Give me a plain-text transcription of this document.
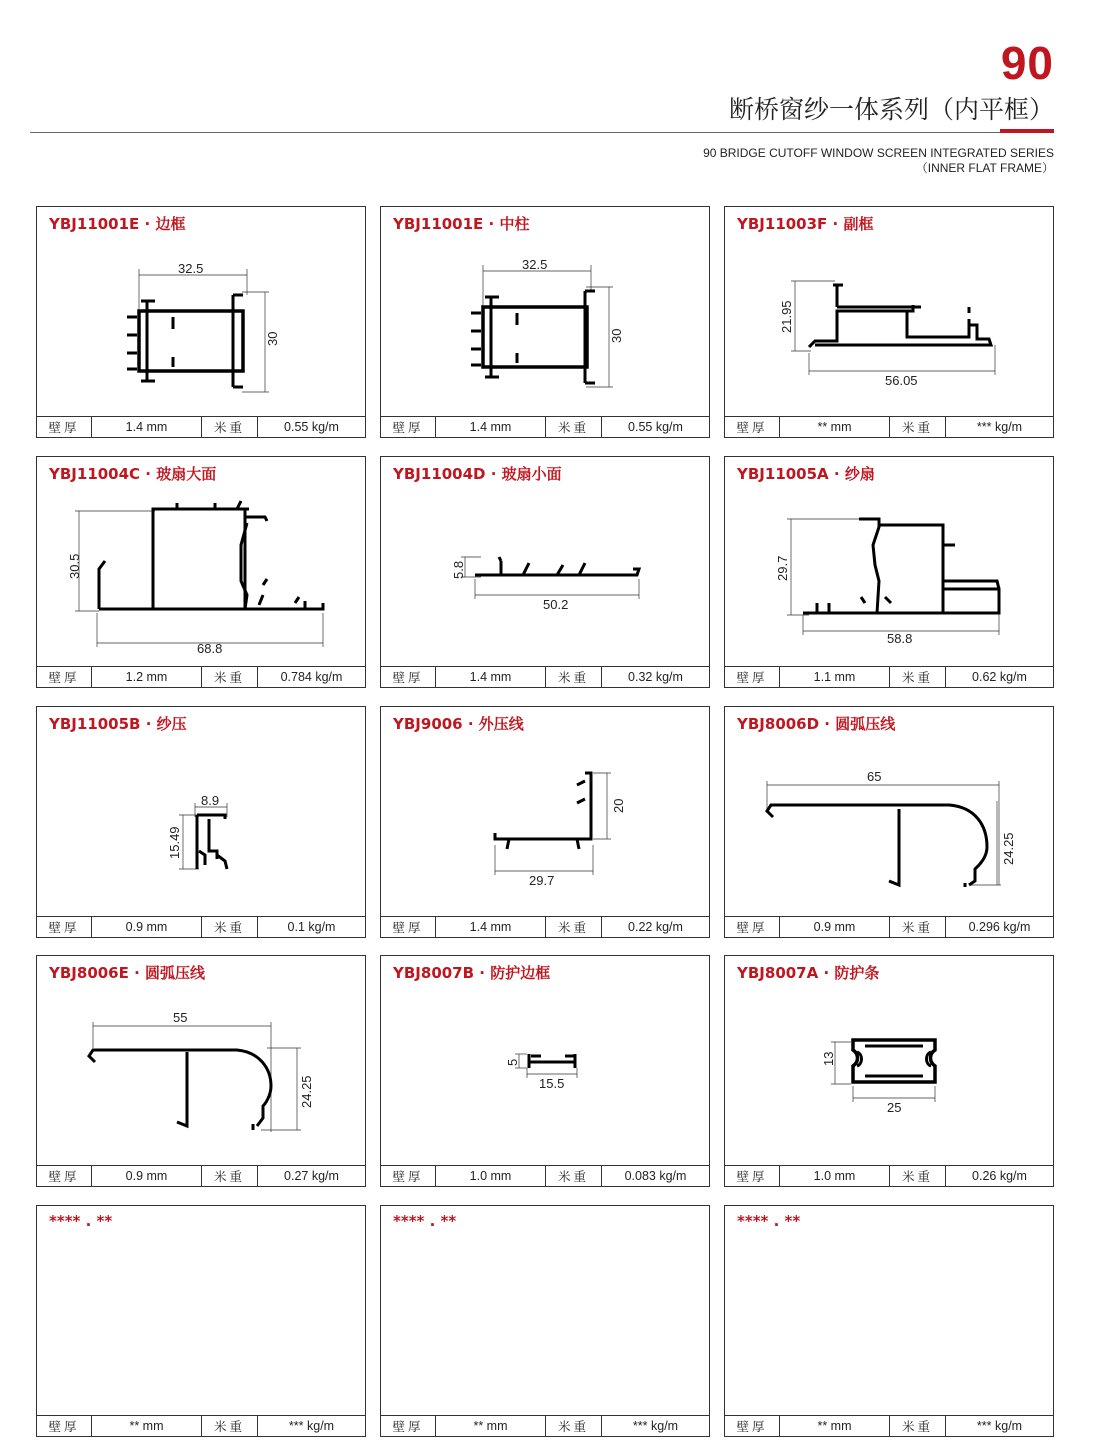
90
断桥窗纱一体系列（内平框）
90 BRIDGE CUTOFF WINDOW SCREEN INTEGRATED SERIES
（INNER FLAT FRAME）
YBJ11001E · 边框
32.5
30
壁厚	1.4 mm	米重	0.55 kg/m
YBJ11001E · 中柱
32.5
30
壁厚	1.4 mm	米重	0.55 kg/m
YBJ11003F · 副框
21.95
56.05
壁厚	** mm	米重	*** kg/m
YBJ11004C · 玻扇大面
30.5
68.8
壁厚	1.2 mm	米重	0.784 kg/m
YBJ11004D · 玻扇小面
5.8
50.2
壁厚	1.4 mm	米重	0.32 kg/m
YBJ11005A · 纱扇
29.7
58.8
壁厚	1.1 mm	米重	0.62 kg/m
YBJ11005B · 纱压
8.9
15.49
壁厚	0.9 mm	米重	0.1 kg/m
YBJ9006 · 外压线
20
29.7
壁厚	1.4 mm	米重	0.22 kg/m
YBJ8006D · 圆弧压线
65
24.25
壁厚	0.9 mm	米重	0.296 kg/m
YBJ8006E · 圆弧压线
55
24.25
壁厚	0.9 mm	米重	0.27 kg/m
YBJ8007B · 防护边框
5
15.5
壁厚	1.0 mm	米重	0.083 kg/m
YBJ8007A · 防护条
13
25
壁厚	1.0 mm	米重	0.26 kg/m
**** . **
壁厚	** mm	米重	*** kg/m
**** . **
壁厚	** mm	米重	*** kg/m
**** . **
壁厚	** mm	米重	*** kg/m
